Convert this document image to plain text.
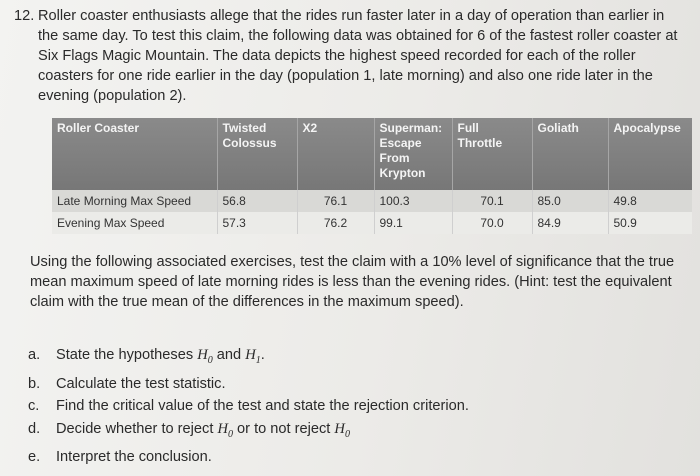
12. Roller coaster enthusiasts allege that the rides run faster later in a day of operation than earlier in the same day. To test this claim, the following data was obtained for 6 of the fastest roller coaster at Six Flags Magic Mountain. The data depicts the highest speed recorded for each of the roller coasters for one ride earlier in the day (population 1, late morning) and also one ride later in the evening (population 2).
Roller Coaster	Twisted Colossus	X2	Superman: Escape From Krypton	Full Throttle	Goliath	Apocalypse
Late Morning Max Speed	56.8	76.1	100.3	70.1	85.0	49.8
Evening Max Speed	57.3	76.2	99.1	70.0	84.9	50.9
Using the following associated exercises, test the claim with a 10% level of significance that the true mean maximum speed of late morning rides is less than the evening rides. (Hint: test the equivalent claim with the true mean of the differences in the maximum speed).
a.	State the hypotheses $H_0$ and $H_1$.
b.	Calculate the test statistic.
c.	Find the critical value of the test and state the rejection criterion.
d.	Decide whether to reject $H_0$ or to not reject $H_0$
e.	Interpret the conclusion.
